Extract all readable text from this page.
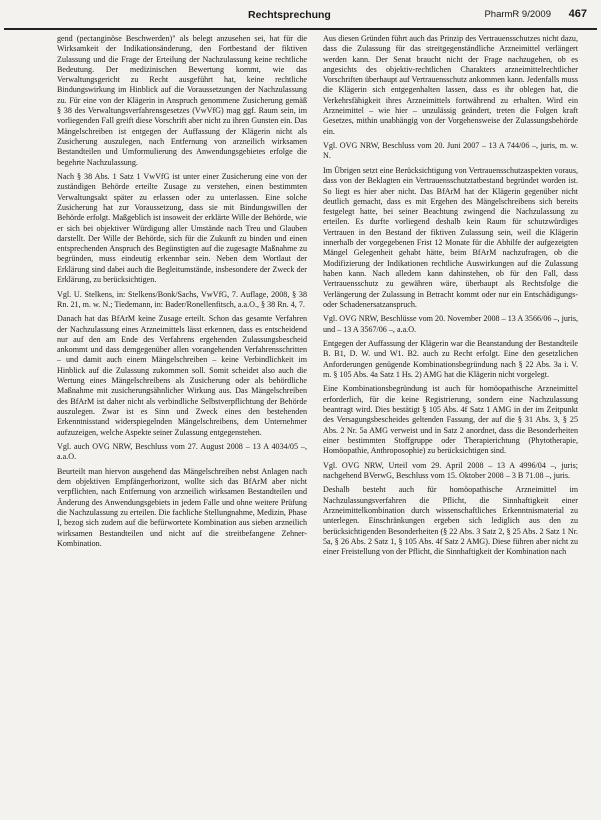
Rechtsprechung	PharmR 9/2009 467

gend (pectanginöse Beschwerden)" als belegt anzusehen sei, hat für die Wirksamkeit der Indikationsänderung, den Fortbestand der fiktiven Zulassung und die Frage der Erteilung der Nachzulassung keine rechtliche Bedeutung. Der medizinischen Bewertung kommt, wie das Verwaltungsgericht zu Recht ausgeführt hat, keine rechtliche Bindungswirkung im Hinblick auf die Voraussetzungen der Nachzulassung zu. Für eine von der Klägerin in Anspruch genommene Zusicherung gemäß § 38 des Verwaltungsverfahrensgesetzes (VwVfG) mag ggf. Raum sein, im vorliegenden Fall greift diese Vorschrift aber nicht zu ihren Gunsten ein. Das Mängelschreiben ist entgegen der Auffassung der Klägerin nicht als Zusicherung auszulegen, nach Entfernung von arzneilich wirksamen Bestandteilen und Umformulierung des Anwendungsgebietes erfolge die begehrte Nachzulassung.

Nach § 38 Abs. 1 Satz 1 VwVfG ist unter einer Zusicherung eine von der zuständigen Behörde erteilte Zusage zu verstehen, einen bestimmten Verwaltungsakt später zu erlassen oder zu unterlassen. Eine solche Zusicherung hat zur Voraussetzung, dass sie mit Bindungswillen der Behörde erfolgt. Maßgeblich ist insoweit der erklärte Wille der Behörde, wie er sich bei objektiver Würdigung aller Umstände nach Treu und Glauben darstellt. Der Wille der Behörde, sich für die Zukunft zu binden und einen entsprechenden Anspruch des Begünstigten auf die zugesagte Maßnahme zu begründen, muss eindeutig erkennbar sein. Neben dem Wortlaut der Erklärung sind dabei auch die Begleitumstände, insbesondere der Zweck der Erklärung, zu berücksichtigen.

Vgl. U. Stelkens, in: Stelkens/Bonk/Sachs, VwVfG, 7. Auflage, 2008, § 38 Rn. 21, m. w. N.; Tiedemann, in: Bader/Ronellenfitsch, a.a.O., § 38 Rn. 4, 7.

Danach hat das BfArM keine Zusage erteilt. Schon das gesamte Verfahren der Nachzulassung eines Arzneimittels lässt erkennen, dass es entscheidend nur auf den am Ende des Verfahrens ergehenden Zulassungsbescheid ankommt und dass demgegenüber allen vorangehenden Verfahrensschritten – und damit auch einem Mängelschreiben – keine Verbindlichkeit im Hinblick auf die Zulassung zukommen soll. Somit scheidet also auch die Wertung eines Mängelschreibens als Zusicherung oder als behördliche Maßnahme mit zusicherungsähnlicher Wirkung aus. Das Mängelschreiben des BfArM ist daher nicht als verbindliche Selbstverpflichtung der Behörde auszulegen. Zwar ist es Sinn und Zweck eines den bestehenden Erkenntnisstand widerspiegelnden Mängelschreibens, dem Unternehmer aufzuzeigen, welche Aspekte seiner Zulassung entgegenstehen.

Vgl. auch OVG NRW, Beschluss vom 27. August 2008 – 13 A 4034/05 –, a.a.O.

Beurteilt man hiervon ausgehend das Mängelschreiben nebst Anlagen nach dem objektiven Empfängerhorizont, wollte sich das BfArM aber nicht verpflichten, nach Entfernung von arzneilich wirksamen Bestandteilen und Änderung des Anwendungsgebiets in jedem Falle und ohne weitere Prüfung die Nachzulassung zu erteilen. Die fachliche Stellungnahme, Medizin, Phase I, bezog sich zudem auf die befürwortete Kombination aus sieben arzneilich wirksamen Bestandteilen und nicht auf die streitbefangene Zehner-Kombination.

Aus diesen Gründen führt auch das Prinzip des Vertrauensschutzes nicht dazu, dass die Zulassung für das streitgegenständliche Arzneimittel verlängert werden kann. Der Senat braucht nicht der Frage nachzugehen, ob es angesichts des objektiv-rechtlichen Charakters arzneimittelrechtlicher Vorschriften überhaupt auf Vertrauensschutz ankommen kann. Jedenfalls muss die Klägerin sich entgegenhalten lassen, dass es ihr oblegen hat, die Verkehrsfähigkeit ihres Arzneimittels fortwährend zu erhalten. Wird ein Arzneimittel – wie hier – unzulässig geändert, treten die Folgen kraft Gesetzes, mithin unabhängig von der Vorgehensweise der Zulassungsbehörde ein.

Vgl. OVG NRW, Beschluss vom 20. Juni 2007 – 13 A 744/06 –, juris, m. w. N.

Im Übrigen setzt eine Berücksichtigung von Vertrauensschutzaspekten voraus, dass von der Beklagten ein Vertrauensschutztatbestand begründet worden ist. So liegt es hier aber nicht. Das BfArM hat der Klägerin gegenüber nicht deutlich gemacht, dass es mit Ergehen des Mängelschreibens sich bereits festgelegt hatte, bei seiner Beachtung zwingend die Nachzulassung zu erteilen. Es durfte vorliegend deshalb kein Raum für schutzwürdiges Vertrauen in den Bestand der fiktiven Zulassung sein, weil die Klägerin innerhalb der vorgegebenen Frist 12 Monate für die Abhilfe der aufgezeigten Mängel Gelegenheit gehabt hätte, beim BfArM nachzufragen, ob die Modifizierung der Indikationen rechtliche Auswirkungen auf die Zulassung haben kann. Nach alledem kann dahinstehen, ob für den Fall, dass Vertrauensschutz zu gewähren wäre, überhaupt als Rechtsfolge die Verlängerung der Zulassung in Betracht kommt oder nur ein Entschädigungs- oder Schadenersatzanspruch.

Vgl. OVG NRW, Beschlüsse vom 20. November 2008 – 13 A 3566/06 –, juris, und – 13 A 3567/06 –, a.a.O.

Entgegen der Auffassung der Klägerin war die Beanstandung der Bestandteile B. B1, D. W. und W1. B2. auch zu Recht erfolgt. Eine den gesetzlichen Anforderungen genügende Kombinationsbegründung nach § 22 Abs. 3a i. V. m. § 105 Abs. 4a Satz 1 Hs. 2) AMG hat die Klägerin nicht vorgelegt.

Eine Kombinationsbegründung ist auch für homöopathische Arzneimittel erforderlich, für die keine Registrierung, sondern eine Nachzulassung beantragt wird. Dies bestätigt § 105 Abs. 4f Satz 1 AMG in der im Zeitpunkt des Versagungsbescheides geltenden Fassung, der auf die § 31 Abs. 3, § 25 Abs. 2 Nr. 5a AMG verweist und in Satz 2 anordnet, dass die Besonderheiten einer bestimmten Stoffgruppe oder Therapierichtung (Phytotherapie, Homöopathie, Anthroposophie) zu berücksichtigen sind.

Vgl. OVG NRW, Urteil vom 29. April 2008 – 13 A 4996/04 –, juris; nachgehend BVerwG, Beschluss vom 15. Oktober 2008 – 3 B 71.08 –, juris.

Deshalb besteht auch für homöopathische Arzneimittel im Nachzulassungsverfahren die Pflicht, die Sinnhaftigkeit einer Arzneimittelkombination durch wissenschaftliches Erkenntnismaterial zu unterlegen. Einschränkungen ergeben sich lediglich aus den zu berücksichtigenden Besonderheiten (§ 22 Abs. 3 Satz 2, § 25 Abs. 2 Satz 1 Nr. 5a, § 26 Abs. 2 Satz 1, § 105 Abs. 4f Satz 2 AMG). Diese führen aber nicht zu einer Freistellung von der Pflicht, die Sinnhaftigkeit der Kombination nach
